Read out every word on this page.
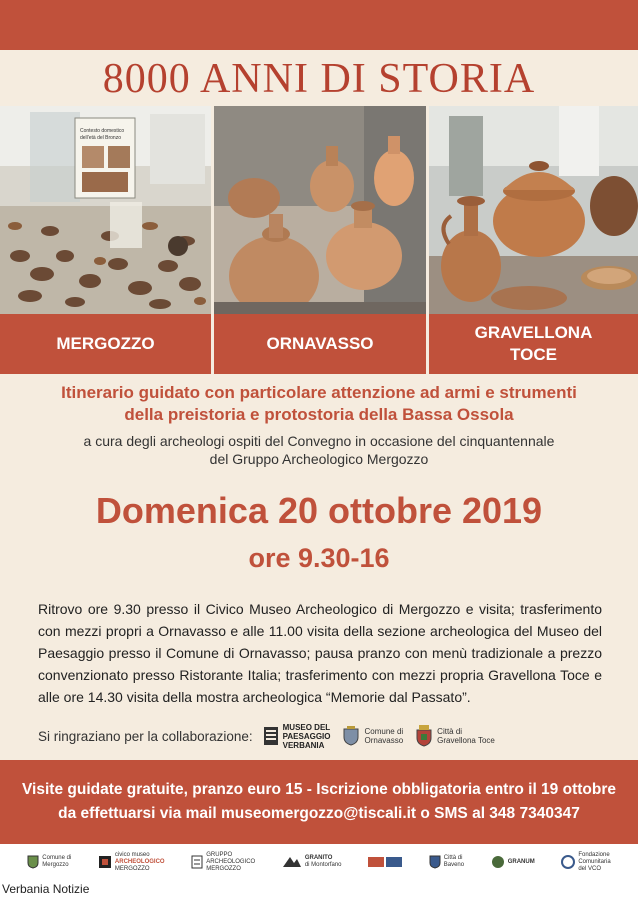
8000 ANNI DI STORIA
Contesto domestico
dell'età del Bronzo
MERGOZZO	ORNAVASSO
GRAVELLONA
TOCE
Itinerario guidato con particolare attenzione ad armi e strumenti
della preistoria e protostoria della Bassa Ossola
a cura degli archeologi ospiti del Convegno in occasione del cinquantennale
del Gruppo Archeologico Mergozzo
Domenica 20 ottobre 2019
ore 9.30-16
Ritrovo ore 9.30 presso il Civico Museo Archeologico di Mergozzo e visita; trasferimento con mezzi propri a Ornavasso e alle 11.00 visita della sezione archeologica del Museo del Paesaggio presso il Comune di Ornavasso; pausa pranzo con menù tradizionale a prezzo convenzionato presso Ristorante Italia; trasferimento con mezzi propria Gravellona Toce e alle ore 14.30 visita della mostra archeologica “Memorie dal Passato”.
Si ringraziano per la collaborazione:
MUSEO DEL
PAESAGGIO
VERBANIA
Comune di
Ornavasso
Città di
Gravellona Toce
Visite guidate gratuite, pranzo euro 15 - Iscrizione obbligatoria entro il 19 ottobre
da effettuarsi via mail museomergozzo@tiscali.it o SMS al 348 7340347
Comune di
Mergozzo
civico museo
ARCHEOLOGICO
MERGOZZO
GRUPPO
ARCHEOLOGICO
MERGOZZO
GRANITO
di Montorfano
Città di
Baveno
GRANUM
Fondazione
Comunitaria
del VCO
Verbania Notizie
